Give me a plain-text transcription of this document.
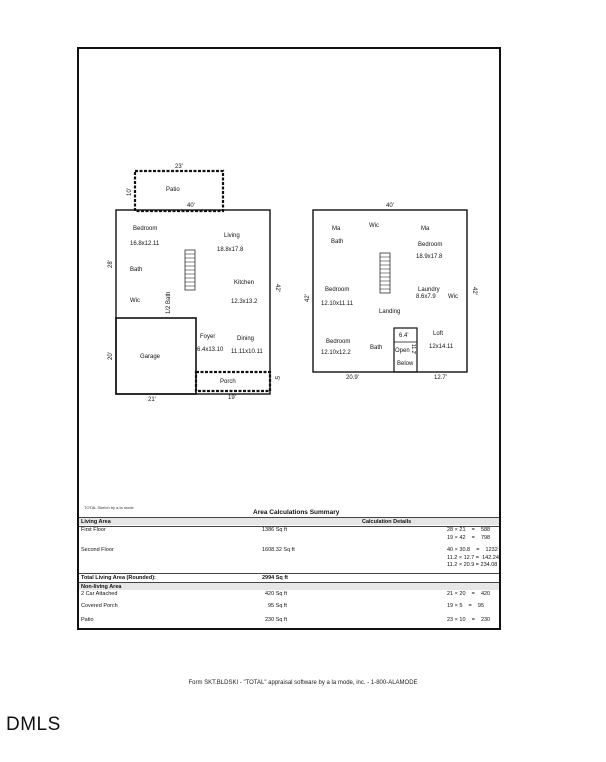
23'
10'	Patio
40'
28'
42'
20'
21'	19'
5'
Bedroom
16.8x12.11
Living
18.8x17.8
Bath
Kitchen
12.3x13.2
Wic	1/2 Bath
Garage
Foyer
6.4x13.10
Dining
11.11x10.11
Porch
40'
42'
42'
20.9'	12.7'
6.4'
11.2'
Ma
Bath
Wic	Ma
Bedroom
18.9x17.8
Bedroom
12.10x11.11
Laundry
8.6x7.9 Wic
Landing
Bedroom
12.10x12.2
Bath Open
Below
Loft
12x14.11
TOTAL Sketch by a la mode
Area Calculations Summary
Living Area	Calculation Details
First Floor	1386 Sq ft	28 × 21    =    588
19 × 42    =    798
Second Floor	1608.32 Sq ft	40 × 30.8    =    1232
11.2 × 12.7 =  142.24
11.2 × 20.9 = 234.08
Total Living Area (Rounded):	2994 Sq ft
Non-living Area
2 Car Attached	420 Sq ft	21 × 20    =    420
Covered Porch	95 Sq ft	19 × 5    =    95
Patio	230 Sq ft	23 × 10    =    230
Form SKT.BLDSKI - "TOTAL" appraisal software by a la mode, inc. - 1-800-ALAMODE
DMLS
